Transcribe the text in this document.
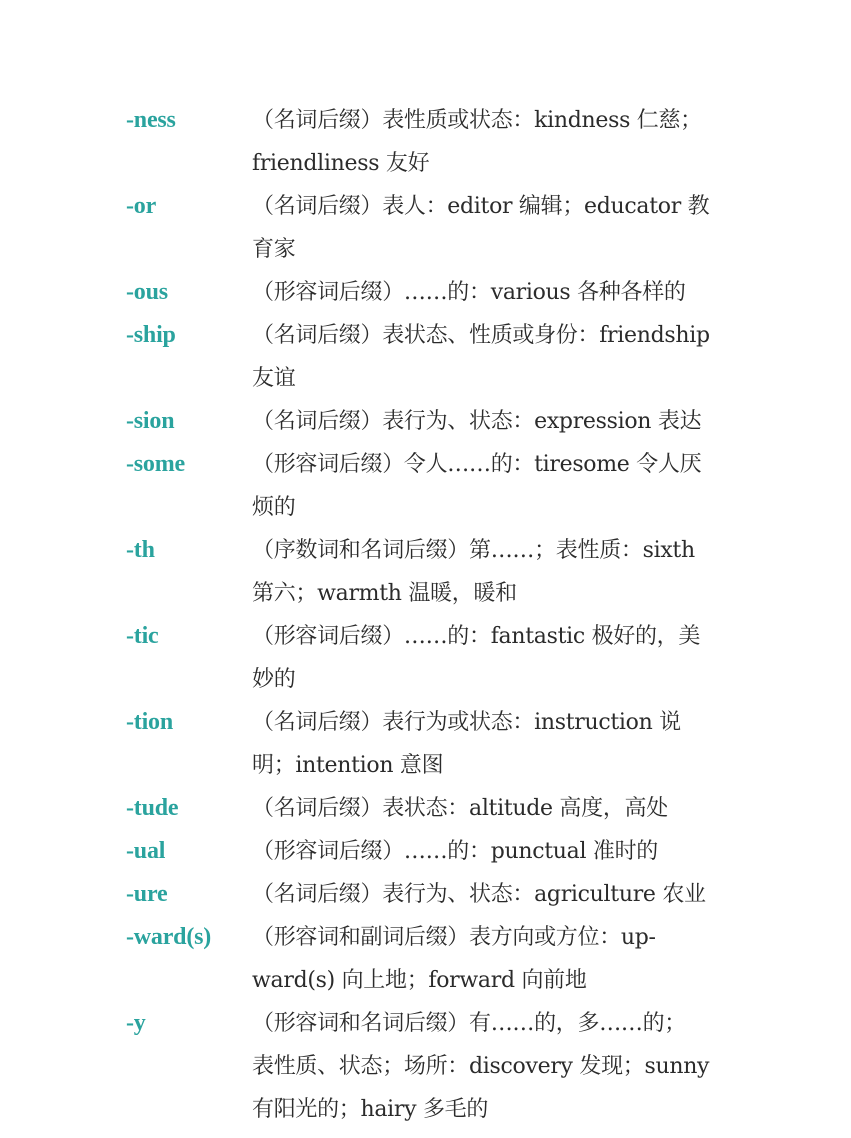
-ness	（名词后缀）表性质或状态：kindness 仁慈；
friendliness 友好
-or	（名词后缀）表人：editor 编辑；educator 教
育家
-ous	（形容词后缀）……的：various 各种各样的
-ship	（名词后缀）表状态、性质或身份：friendship
友谊
-sion	（名词后缀）表行为、状态：expression 表达
-some	（形容词后缀）令人……的：tiresome 令人厌
烦的
-th	（序数词和名词后缀）第……；表性质：sixth
第六；warmth 温暖，暖和
-tic	（形容词后缀）……的：fantastic 极好的，美
妙的
-tion	（名词后缀）表行为或状态：instruction 说
明；intention 意图
-tude	（名词后缀）表状态：altitude 高度，高处
-ual	（形容词后缀）……的：punctual 准时的
-ure	（名词后缀）表行为、状态：agriculture 农业
-ward(s) （形容词和副词后缀）表方向或方位：up-
ward(s) 向上地；forward 向前地
-y	（形容词和名词后缀）有……的，多……的；
表性质、状态；场所：discovery 发现；sunny
有阳光的；hairy 多毛的
